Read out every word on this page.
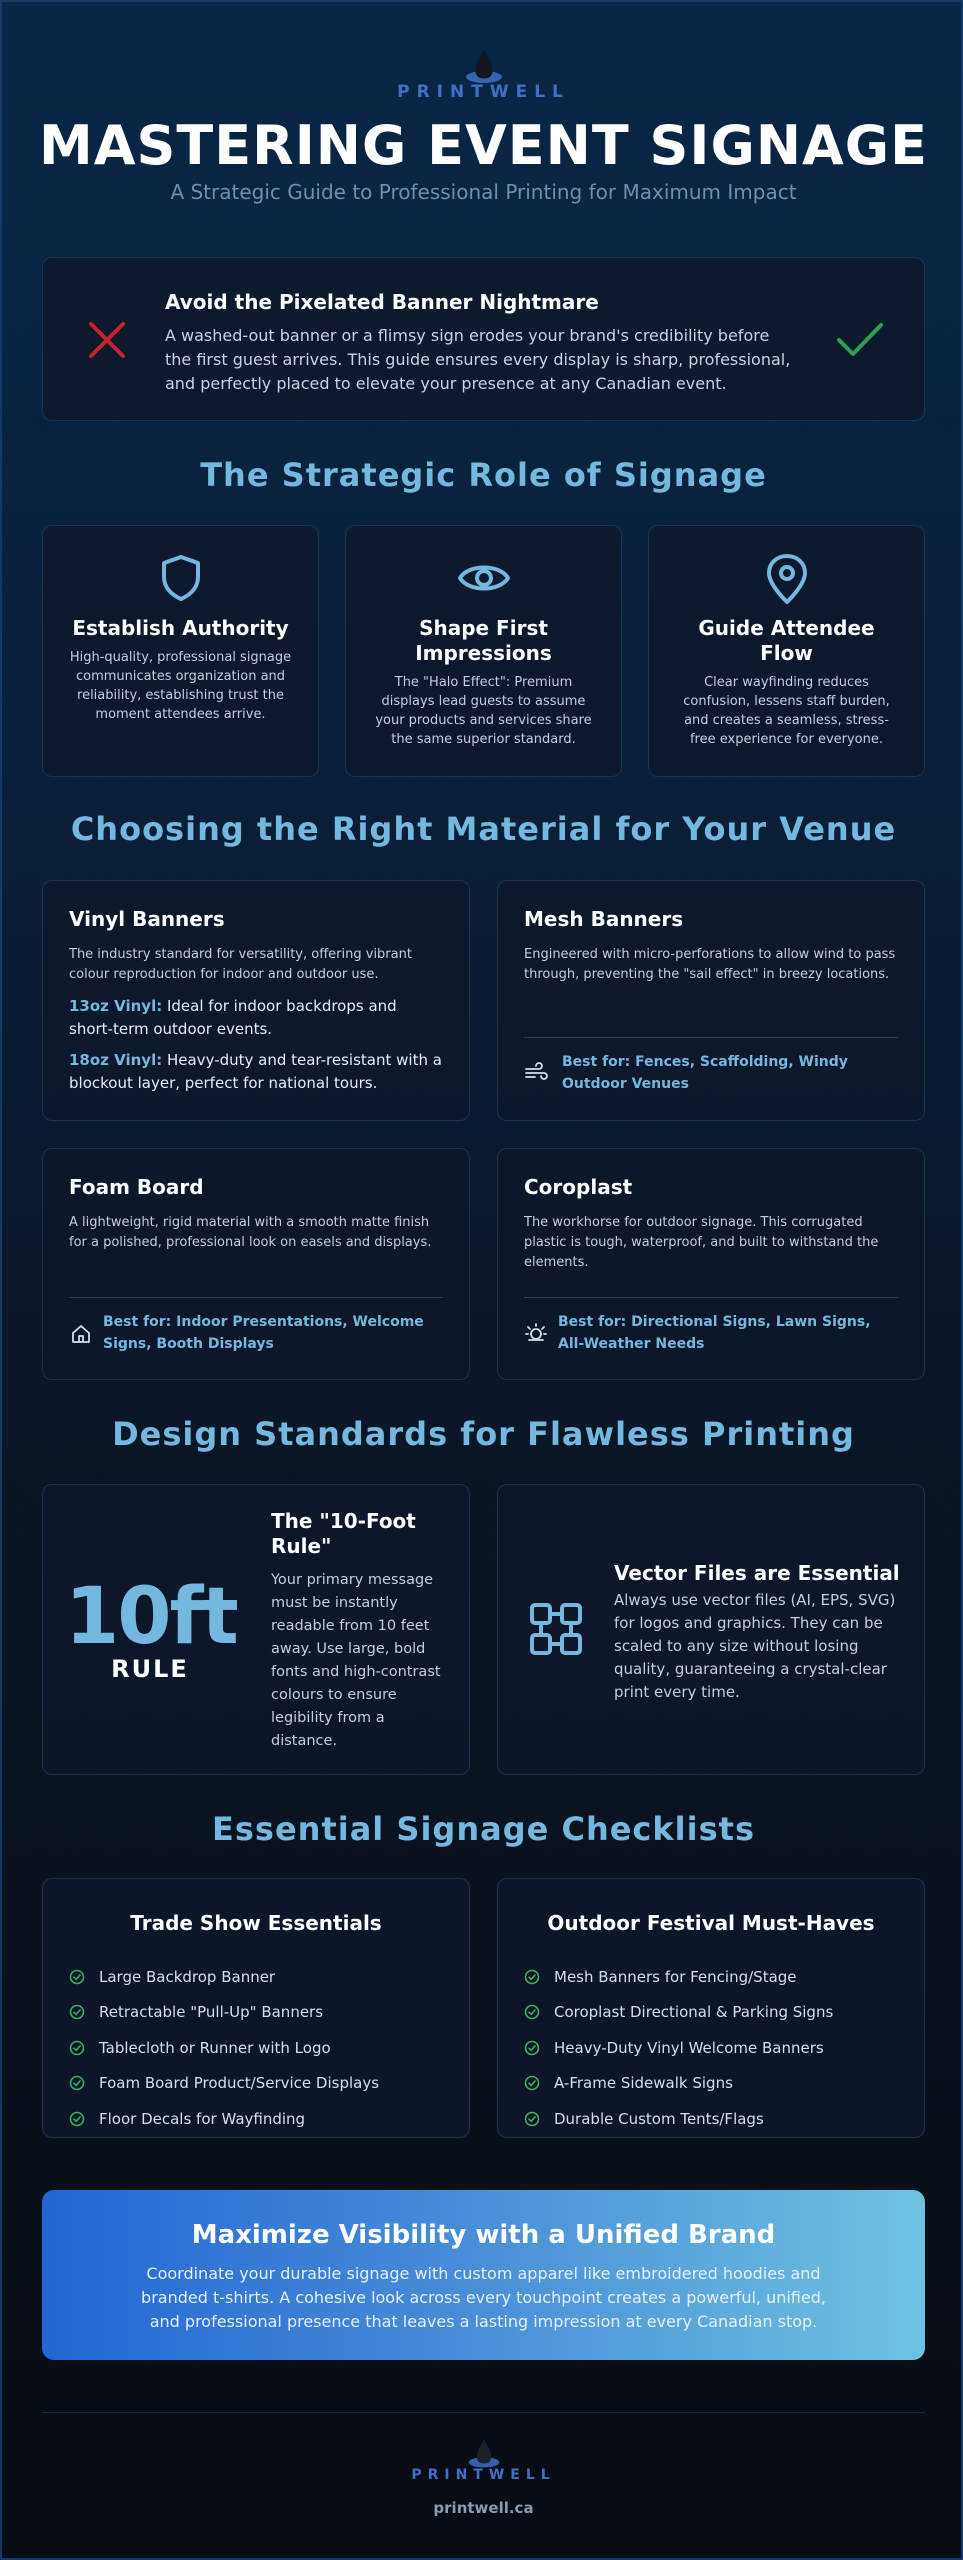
PRINTWELL
MASTERING EVENT SIGNAGE
A Strategic Guide to Professional Printing for Maximum Impact
Avoid the Pixelated Banner Nightmare
A washed-out banner or a flimsy sign erodes your brand's credibility before the first guest arrives. This guide ensures every display is sharp, professional, and perfectly placed to elevate your presence at any Canadian event.
The Strategic Role of Signage
Establish Authority
High-quality, professional signage communicates organization and reliability, establishing trust the moment attendees arrive.
Shape First Impressions
The "Halo Effect": Premium displays lead guests to assume your products and services share the same superior standard.
Guide Attendee Flow
Clear wayfinding reduces confusion, lessens staff burden, and creates a seamless, stress-free experience for everyone.
Choosing the Right Material for Your Venue
Vinyl Banners
The industry standard for versatility, offering vibrant colour reproduction for indoor and outdoor use.
13oz Vinyl: Ideal for indoor backdrops and short-term outdoor events.
18oz Vinyl: Heavy-duty and tear-resistant with a blockout layer, perfect for national tours.
Mesh Banners
Engineered with micro-perforations to allow wind to pass through, preventing the "sail effect" in breezy locations.
Best for: Fences, Scaffolding, Windy Outdoor Venues
Foam Board
A lightweight, rigid material with a smooth matte finish for a polished, professional look on easels and displays.
Best for: Indoor Presentations, Welcome Signs, Booth Displays
Coroplast
The workhorse for outdoor signage. This corrugated plastic is tough, waterproof, and built to withstand the elements.
Best for: Directional Signs, Lawn Signs, All-Weather Needs
Design Standards for Flawless Printing
10ft
RULE
The "10-Foot Rule"
Your primary message must be instantly readable from 10 feet away. Use large, bold fonts and high-contrast colours to ensure legibility from a distance.
Vector Files are Essential
Always use vector files (AI, EPS, SVG) for logos and graphics. They can be scaled to any size without losing quality, guaranteeing a crystal-clear print every time.
Essential Signage Checklists
Trade Show Essentials
Large Backdrop Banner
Retractable "Pull-Up" Banners
Tablecloth or Runner with Logo
Foam Board Product/Service Displays
Floor Decals for Wayfinding
Outdoor Festival Must-Haves
Mesh Banners for Fencing/Stage
Coroplast Directional & Parking Signs
Heavy-Duty Vinyl Welcome Banners
A-Frame Sidewalk Signs
Durable Custom Tents/Flags
Maximize Visibility with a Unified Brand
Coordinate your durable signage with custom apparel like embroidered hoodies and branded t-shirts. A cohesive look across every touchpoint creates a powerful, unified, and professional presence that leaves a lasting impression at every Canadian stop.
PRINTWELL
printwell.ca
